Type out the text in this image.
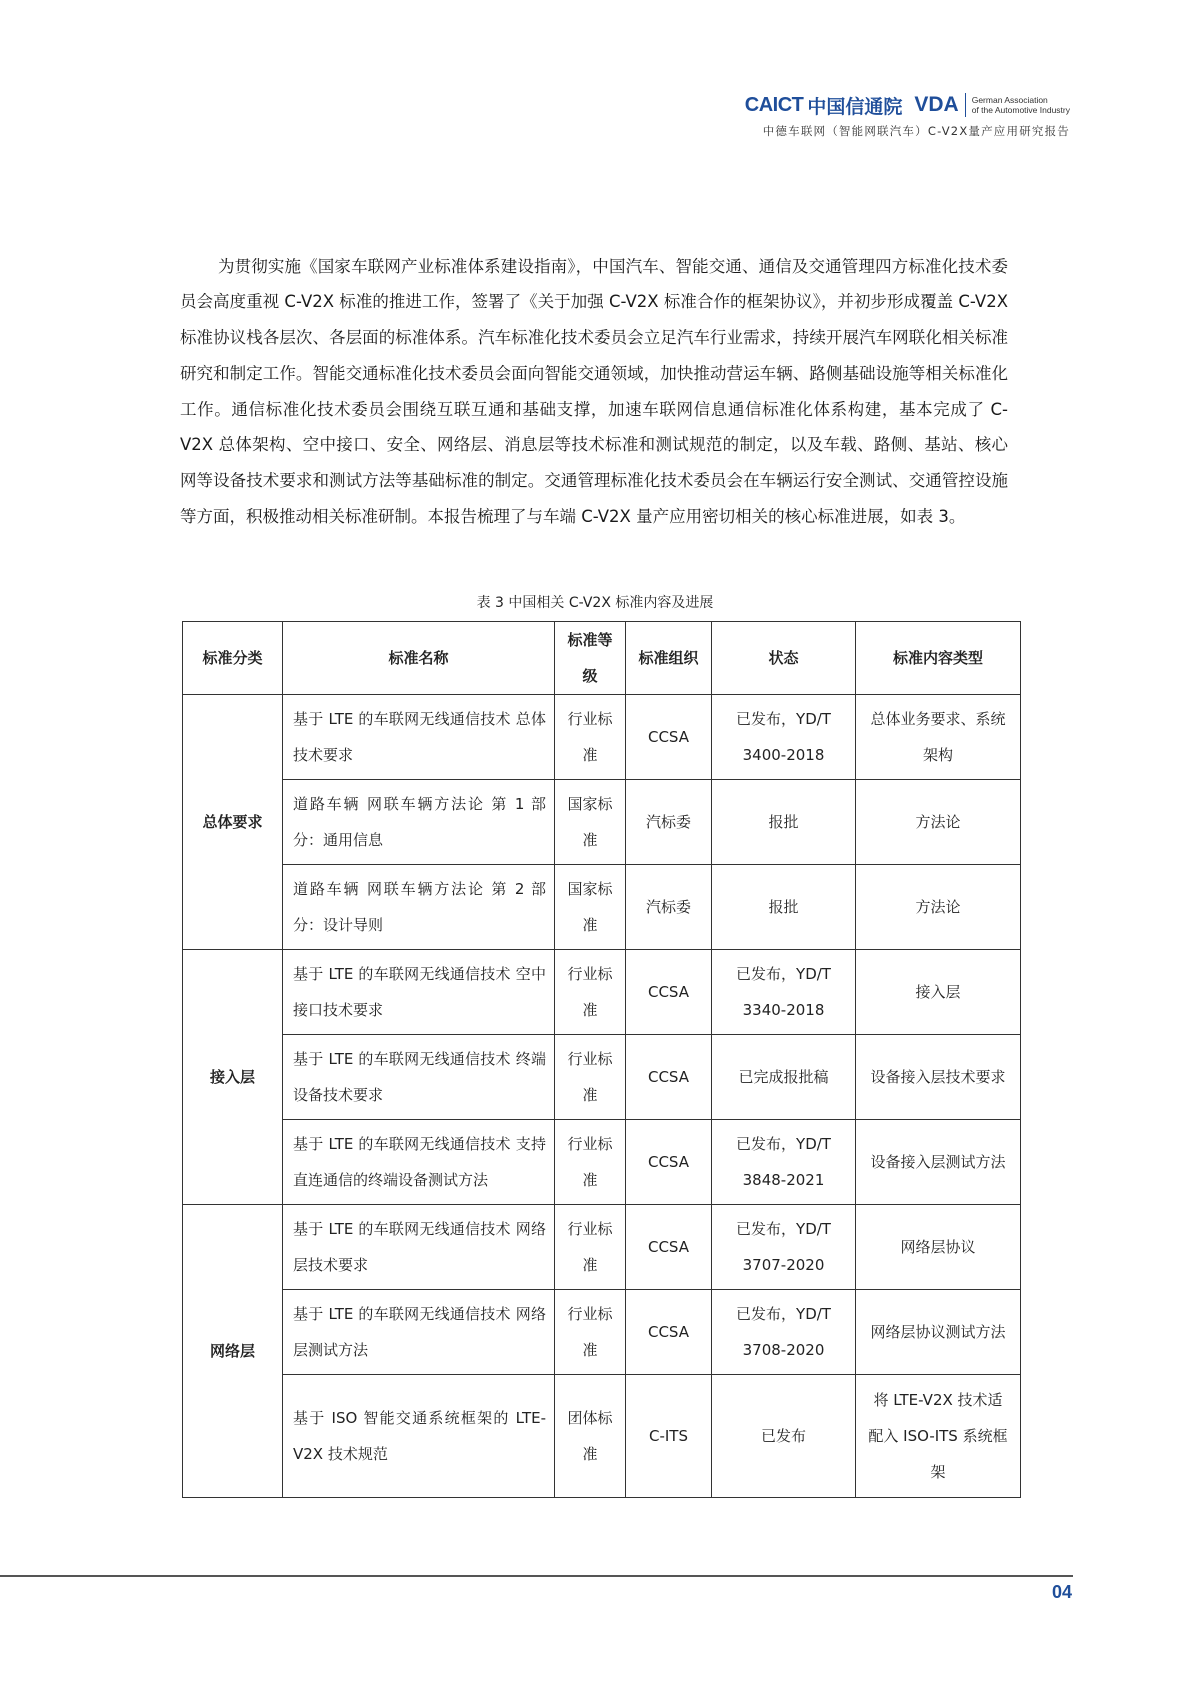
CAICT 中国信通院 VDA German Association
of the Automotive Industry
中德车联网（智能网联汽车）C-V2X量产应用研究报告

为贯彻实施《国家车联网产业标准体系建设指南》，中国汽车、智能交通、通信及交通管理四方标准化技术委员会高度重视 C-V2X 标准的推进工作，签署了《关于加强 C-V2X 标准合作的框架协议》，并初步形成覆盖 C-V2X 标准协议栈各层次、各层面的标准体系。汽车标准化技术委员会立足汽车行业需求，持续开展汽车网联化相关标准研究和制定工作。智能交通标准化技术委员会面向智能交通领域，加快推动营运车辆、路侧基础设施等相关标准化工作。通信标准化技术委员会围绕互联互通和基础支撑，加速车联网信息通信标准化体系构建，基本完成了 C-V2X 总体架构、空中接口、安全、网络层、消息层等技术标准和测试规范的制定，以及车载、路侧、基站、核心网等设备技术要求和测试方法等基础标准的制定。交通管理标准化技术委员会在车辆运行安全测试、交通管控设施等方面，积极推动相关标准研制。本报告梳理了与车端 C-V2X 量产应用密切相关的核心标准进展，如表 3。

表 3 中国相关 C-V2X 标准内容及进展
标准分类	标准名称	标准等级	标准组织	状态	标准内容类型
总体要求	基于 LTE 的车联网无线通信技术 总体技术要求	行业标准	CCSA	已发布，YD/T 3400-2018	总体业务要求、系统架构
	道路车辆 网联车辆方法论 第 1 部分：通用信息	国家标准	汽标委	报批	方法论
	道路车辆 网联车辆方法论 第 2 部分：设计导则	国家标准	汽标委	报批	方法论
接入层	基于 LTE 的车联网无线通信技术 空中接口技术要求	行业标准	CCSA	已发布，YD/T 3340-2018	接入层
	基于 LTE 的车联网无线通信技术 终端设备技术要求	行业标准	CCSA	已完成报批稿	设备接入层技术要求
	基于 LTE 的车联网无线通信技术 支持直连通信的终端设备测试方法	行业标准	CCSA	已发布，YD/T 3848-2021	设备接入层测试方法
网络层	基于 LTE 的车联网无线通信技术 网络层技术要求	行业标准	CCSA	已发布，YD/T 3707-2020	网络层协议
	基于 LTE 的车联网无线通信技术 网络层测试方法	行业标准	CCSA	已发布，YD/T 3708-2020	网络层协议测试方法
	基于 ISO 智能交通系统框架的 LTE-V2X 技术规范	团体标准	C-ITS	已发布	将 LTE-V2X 技术适配入 ISO-ITS 系统框架
04
